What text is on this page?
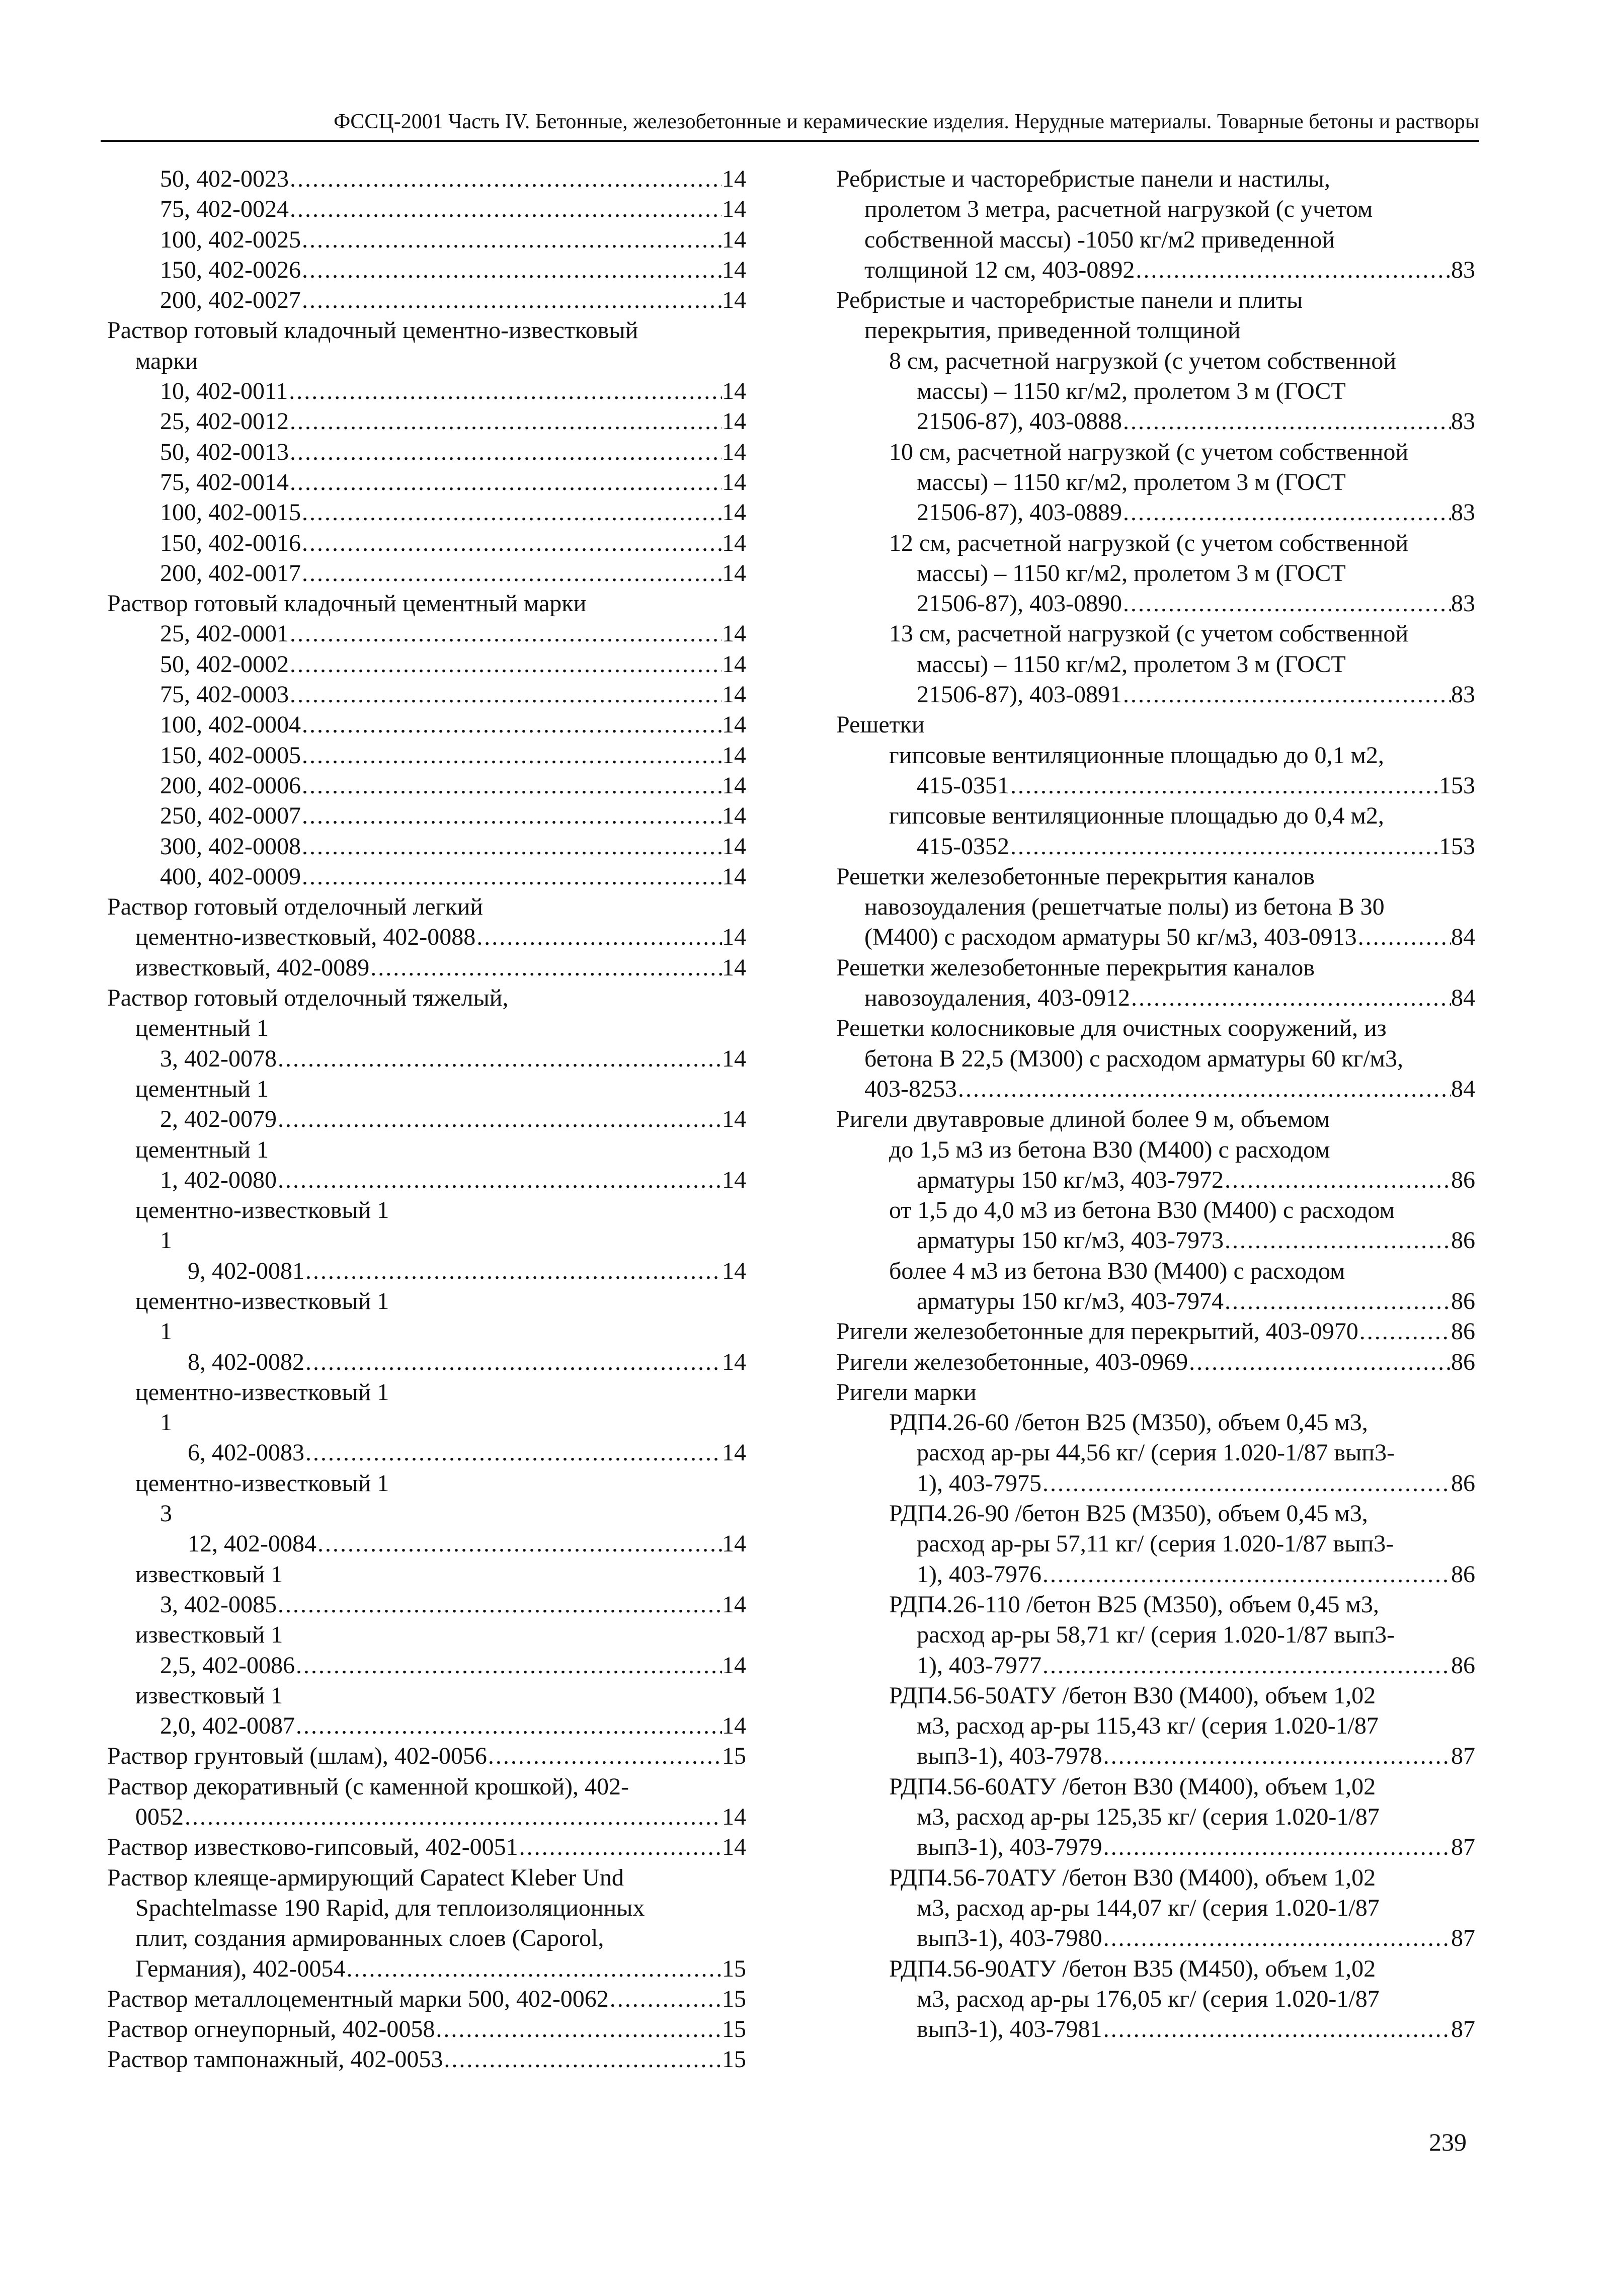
ФССЦ-2001 Часть IV. Бетонные, железобетонные и керамические изделия. Нерудные материалы. Товарные бетоны и растворы
50, 402-0023 .....	14
75, 402-0024 .....	14
100, 402-0025 .....	14
150, 402-0026 .....	14
200, 402-0027 .....	14
Раствор готовый кладочный цементно-известковый
марки
10, 402-0011 .....	14
25, 402-0012 .....	14
50, 402-0013 .....	14
75, 402-0014 .....	14
100, 402-0015 .....	14
150, 402-0016 .....	14
200, 402-0017 .....	14
Раствор готовый кладочный цементный марки
25, 402-0001 .....	14
50, 402-0002 .....	14
75, 402-0003 .....	14
100, 402-0004 .....	14
150, 402-0005 .....	14
200, 402-0006 .....	14
250, 402-0007 .....	14
300, 402-0008 .....	14
400, 402-0009 .....	14
Раствор готовый отделочный легкий
цементно-известковый, 402-0088 .....	14
известковый, 402-0089 .....	14
Раствор готовый отделочный тяжелый,
цементный 1
3, 402-0078 .....	14
цементный 1
2, 402-0079 .....	14
цементный 1
1, 402-0080 .....	14
цементно-известковый 1
1
9, 402-0081 .....	14
цементно-известковый 1
1
8, 402-0082 .....	14
цементно-известковый 1
1
6, 402-0083 .....	14
цементно-известковый 1
3
12, 402-0084 .....	14
известковый 1
3, 402-0085 .....	14
известковый 1
2,5, 402-0086 .....	14
известковый 1
2,0, 402-0087 .....	14
Раствор грунтовый (шлам), 402-0056 .....	15
Раствор декоративный (с каменной крошкой), 402-
0052 .....	14
Раствор известково-гипсовый, 402-0051 .....	14
Раствор клеяще-армирующий Capatect Kleber Und
Spachtelmasse 190 Rapid, для теплоизоляционных
плит, создания армированных слоев (Caporol,
Германия), 402-0054 .....	15
Раствор металлоцементный марки 500, 402-0062 .....	15
Раствор огнеупорный, 402-0058 .....	15
Раствор тампонажный, 402-0053 .....	15
Ребристые и часторебристые панели и настилы,
пролетом 3 метра, расчетной нагрузкой (с учетом
собственной массы) -1050 кг/м2 приведенной
толщиной 12 см, 403-0892 .....	83
Ребристые и часторебристые панели и плиты
перекрытия, приведенной толщиной
8 см, расчетной нагрузкой (с учетом собственной
массы) – 1150 кг/м2, пролетом 3 м (ГОСТ
21506-87), 403-0888 .....	83
10 см, расчетной нагрузкой (с учетом собственной
массы) – 1150 кг/м2, пролетом 3 м (ГОСТ
21506-87), 403-0889 .....	83
12 см, расчетной нагрузкой (с учетом собственной
массы) – 1150 кг/м2, пролетом 3 м (ГОСТ
21506-87), 403-0890 .....	83
13 см, расчетной нагрузкой (с учетом собственной
массы) – 1150 кг/м2, пролетом 3 м (ГОСТ
21506-87), 403-0891 .....	83
Решетки
гипсовые вентиляционные площадью до 0,1 м2,
415-0351 .....	153
гипсовые вентиляционные площадью до 0,4 м2,
415-0352 .....	153
Решетки железобетонные перекрытия каналов
навозоудаления (решетчатые полы) из бетона В 30
(М400) с расходом арматуры 50 кг/м3, 403-0913 .....	84
Решетки железобетонные перекрытия каналов
навозоудаления, 403-0912 .....	84
Решетки колосниковые для очистных сооружений, из
бетона В 22,5 (М300) с расходом арматуры 60 кг/м3,
403-8253 .....	84
Ригели двутавровые длиной более 9 м, объемом
до 1,5 м3 из бетона В30 (М400) с расходом
арматуры 150 кг/м3, 403-7972 .....	86
от 1,5 до 4,0 м3 из бетона В30 (М400) с расходом
арматуры 150 кг/м3, 403-7973 .....	86
более 4 м3 из бетона В30 (М400) с расходом
арматуры 150 кг/м3, 403-7974 .....	86
Ригели железобетонные для перекрытий, 403-0970 .....	86
Ригели железобетонные, 403-0969 .....	86
Ригели марки
РДП4.26-60 /бетон В25 (М350), объем 0,45 м3,
расход ар-ры 44,56 кг/ (серия 1.020-1/87 вып3-
1), 403-7975 .....	86
РДП4.26-90 /бетон В25 (М350), объем 0,45 м3,
расход ар-ры 57,11 кг/ (серия 1.020-1/87 вып3-
1), 403-7976 .....	86
РДП4.26-110 /бетон В25 (М350), объем 0,45 м3,
расход ар-ры 58,71 кг/ (серия 1.020-1/87 вып3-
1), 403-7977 .....	86
РДП4.56-50АТУ /бетон В30 (М400), объем 1,02
м3, расход ар-ры 115,43 кг/ (серия 1.020-1/87
вып3-1), 403-7978 .....	87
РДП4.56-60АТУ /бетон В30 (М400), объем 1,02
м3, расход ар-ры 125,35 кг/ (серия 1.020-1/87
вып3-1), 403-7979 .....	87
РДП4.56-70АТУ /бетон В30 (М400), объем 1,02
м3, расход ар-ры 144,07 кг/ (серия 1.020-1/87
вып3-1), 403-7980 .....	87
РДП4.56-90АТУ /бетон В35 (М450), объем 1,02
м3, расход ар-ры 176,05 кг/ (серия 1.020-1/87
вып3-1), 403-7981 .....	87
239
